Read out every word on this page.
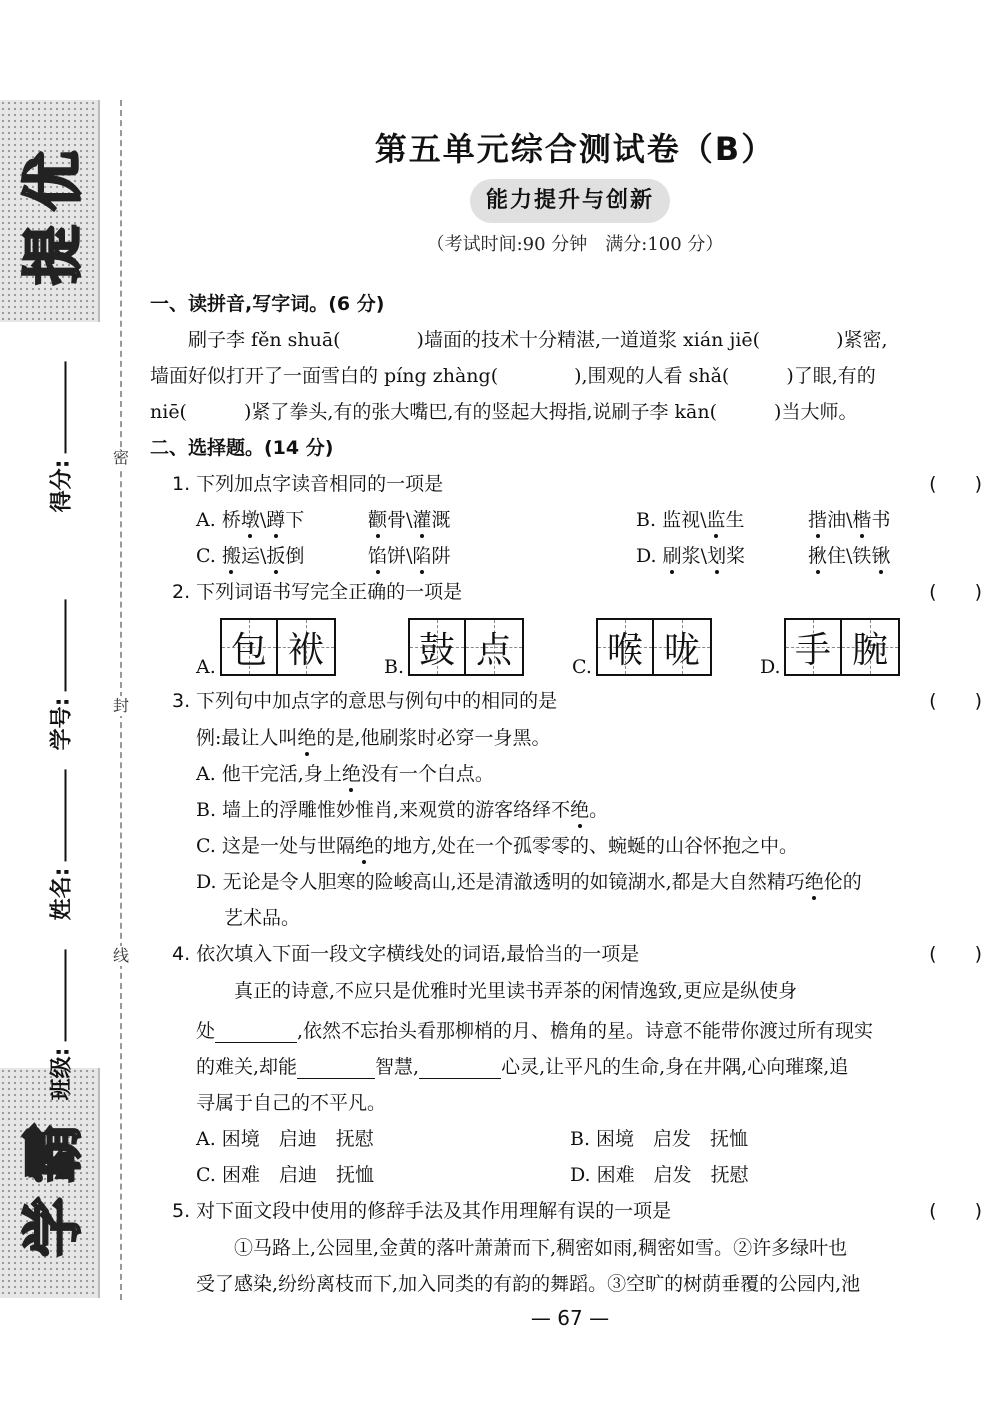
提优
学霸
得分:
学号:
姓名:
班级:
密
封
线
第五单元综合测试卷（B）
能力提升与创新
（考试时间:90 分钟　满分:100 分）
一、读拼音,写字词。(6 分)
　　刷子李 fěn shuā(　　　　)墙面的技术十分精湛,一道道浆 xián jiē(　　　　)紧密,
墙面好似打开了一面雪白的 píng zhàng(　　　　),围观的人看 shǎ(　　　)了眼,有的
niē(　　　)紧了拳头,有的张大嘴巴,有的竖起大拇指,说刷子李 kān(　　　)当大师。
二、选择题。(14 分)
1. 下列加点字读音相同的一项是	(　　)
A. 桥墩\蹲下	颧骨\灌溉	B. 监视\监生	揩油\楷书
C. 搬运\扳倒	馅饼\陷阱	D. 刷浆\划桨	揪住\铁锹
2. 下列词语书写完全正确的一项是	(　　)
A. 包 袱	B. 鼓 点	C. 喉 咙	D. 手 腕
3. 下列句中加点字的意思与例句中的相同的是	(　　)
例:最让人叫绝的是,他刷浆时必穿一身黑。
A. 他干完活,身上绝没有一个白点。
B. 墙上的浮雕惟妙惟肖,来观赏的游客络绎不绝。
C. 这是一处与世隔绝的地方,处在一个孤零零的、蜿蜒的山谷怀抱之中。
D. 无论是令人胆寒的险峻高山,还是清澈透明的如镜湖水,都是大自然精巧绝伦的
艺术品。
4. 依次填入下面一段文字横线处的词语,最恰当的一项是	(　　)
　　真正的诗意,不应只是优雅时光里读书弄茶的闲情逸致,更应是纵使身
处	,依然不忘抬头看那柳梢的月、檐角的星。诗意不能带你渡过所有现实
的难关,却能	智慧,	心灵,让平凡的生命,身在井隅,心向璀璨,追
寻属于自己的不平凡。
A. 困境　启迪　抚慰	B. 困境　启发　抚恤
C. 困难　启迪　抚恤	D. 困难　启发　抚慰
5. 对下面文段中使用的修辞手法及其作用理解有误的一项是	(　　)
　　①马路上,公园里,金黄的落叶萧萧而下,稠密如雨,稠密如雪。②许多绿叶也
受了感染,纷纷离枝而下,加入同类的有韵的舞蹈。③空旷的树荫垂覆的公园内,池
— 67 —
